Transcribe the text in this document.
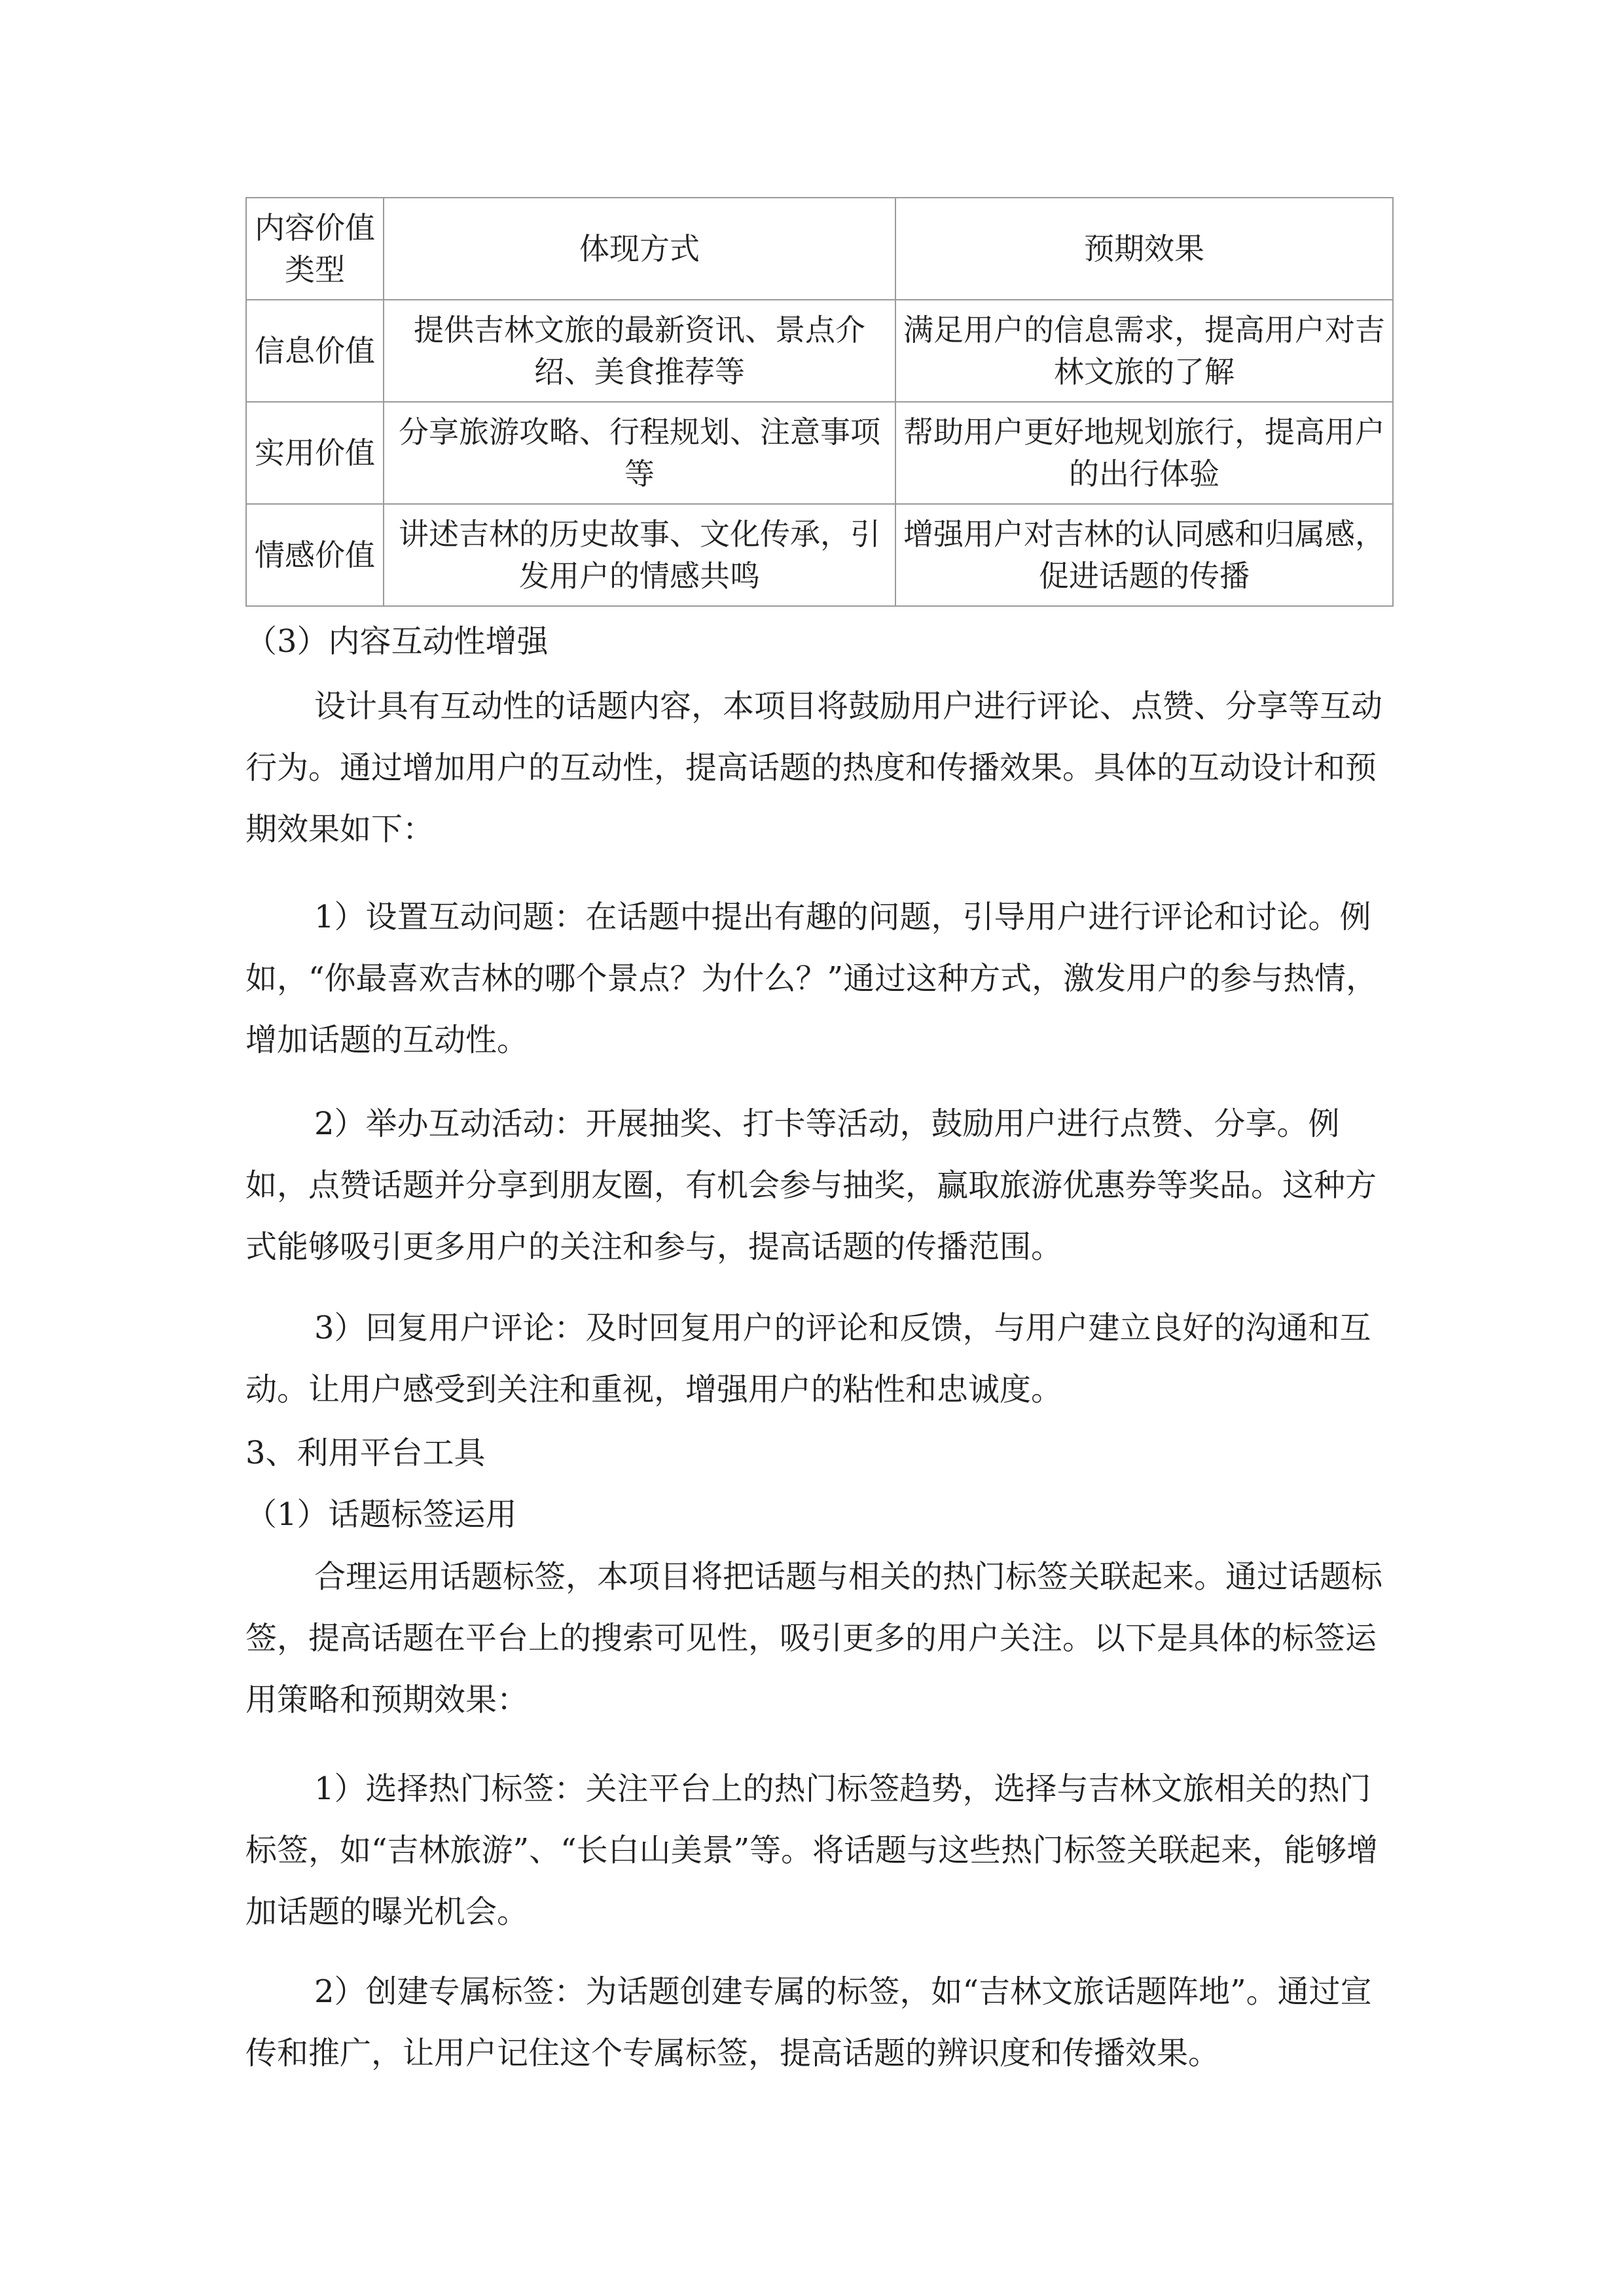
内容价值类型	体现方式	预期效果
信息价值	提供吉林文旅的最新资讯、景点介绍、美食推荐等	满足用户的信息需求，提高用户对吉林文旅的了解
实用价值	分享旅游攻略、行程规划、注意事项等	帮助用户更好地规划旅行，提高用户的出行体验
情感价值	讲述吉林的历史故事、文化传承，引发用户的情感共鸣	增强用户对吉林的认同感和归属感，促进话题的传播

（3）内容互动性增强

设计具有互动性的话题内容，本项目将鼓励用户进行评论、点赞、分享等互动行为。通过增加用户的互动性，提高话题的热度和传播效果。具体的互动设计和预期效果如下：

1）设置互动问题：在话题中提出有趣的问题，引导用户进行评论和讨论。例如，“你最喜欢吉林的哪个景点？为什么？”通过这种方式，激发用户的参与热情，增加话题的互动性。

2）举办互动活动：开展抽奖、打卡等活动，鼓励用户进行点赞、分享。例如，点赞话题并分享到朋友圈，有机会参与抽奖，赢取旅游优惠券等奖品。这种方式能够吸引更多用户的关注和参与，提高话题的传播范围。

3）回复用户评论：及时回复用户的评论和反馈，与用户建立良好的沟通和互动。让用户感受到关注和重视，增强用户的粘性和忠诚度。

3、利用平台工具

（1）话题标签运用

合理运用话题标签，本项目将把话题与相关的热门标签关联起来。通过话题标签，提高话题在平台上的搜索可见性，吸引更多的用户关注。以下是具体的标签运用策略和预期效果：

1）选择热门标签：关注平台上的热门标签趋势，选择与吉林文旅相关的热门标签，如“吉林旅游”、“长白山美景”等。将话题与这些热门标签关联起来，能够增加话题的曝光机会。

2）创建专属标签：为话题创建专属的标签，如“吉林文旅话题阵地”。通过宣传和推广，让用户记住这个专属标签，提高话题的辨识度和传播效果。
